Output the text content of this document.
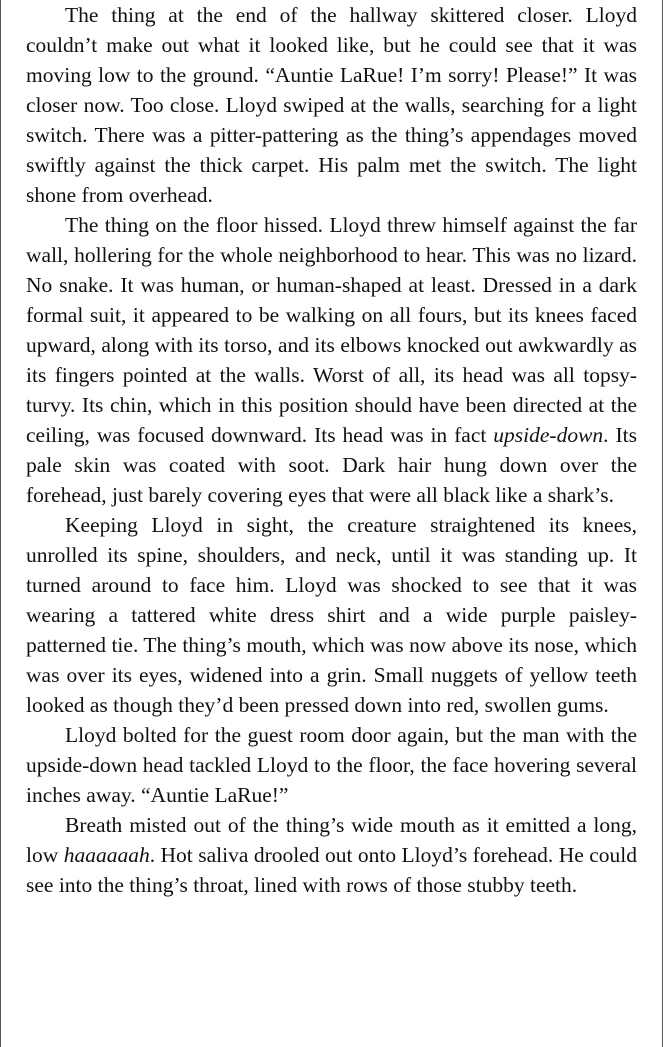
The thing at the end of the hallway skittered closer. Lloyd couldn’t make out what it looked like, but he could see that it was moving low to the ground. “Auntie LaRue! I’m sorry! Please!” It was closer now. Too close. Lloyd swiped at the walls, searching for a light switch. There was a pitter-pattering as the thing’s appendages moved swiftly against the thick carpet. His palm met the switch. The light shone from overhead.

The thing on the floor hissed. Lloyd threw himself against the far wall, hollering for the whole neighborhood to hear. This was no lizard. No snake. It was human, or human-shaped at least. Dressed in a dark formal suit, it appeared to be walking on all fours, but its knees faced upward, along with its torso, and its elbows knocked out awkwardly as its fingers pointed at the walls. Worst of all, its head was all topsy-turvy. Its chin, which in this position should have been directed at the ceiling, was focused downward. Its head was in fact upside-down. Its pale skin was coated with soot. Dark hair hung down over the forehead, just barely covering eyes that were all black like a shark’s.

Keeping Lloyd in sight, the creature straightened its knees, unrolled its spine, shoulders, and neck, until it was standing up. It turned around to face him. Lloyd was shocked to see that it was wearing a tattered white dress shirt and a wide purple paisley-patterned tie. The thing’s mouth, which was now above its nose, which was over its eyes, widened into a grin. Small nuggets of yellow teeth looked as though they’d been pressed down into red, swollen gums.

Lloyd bolted for the guest room door again, but the man with the upside-down head tackled Lloyd to the floor, the face hovering several inches away. “Auntie LaRue!”

Breath misted out of the thing’s wide mouth as it emitted a long, low haaaaaah. Hot saliva drooled out onto Lloyd’s forehead. He could see into the thing’s throat, lined with rows of those stubby teeth.
